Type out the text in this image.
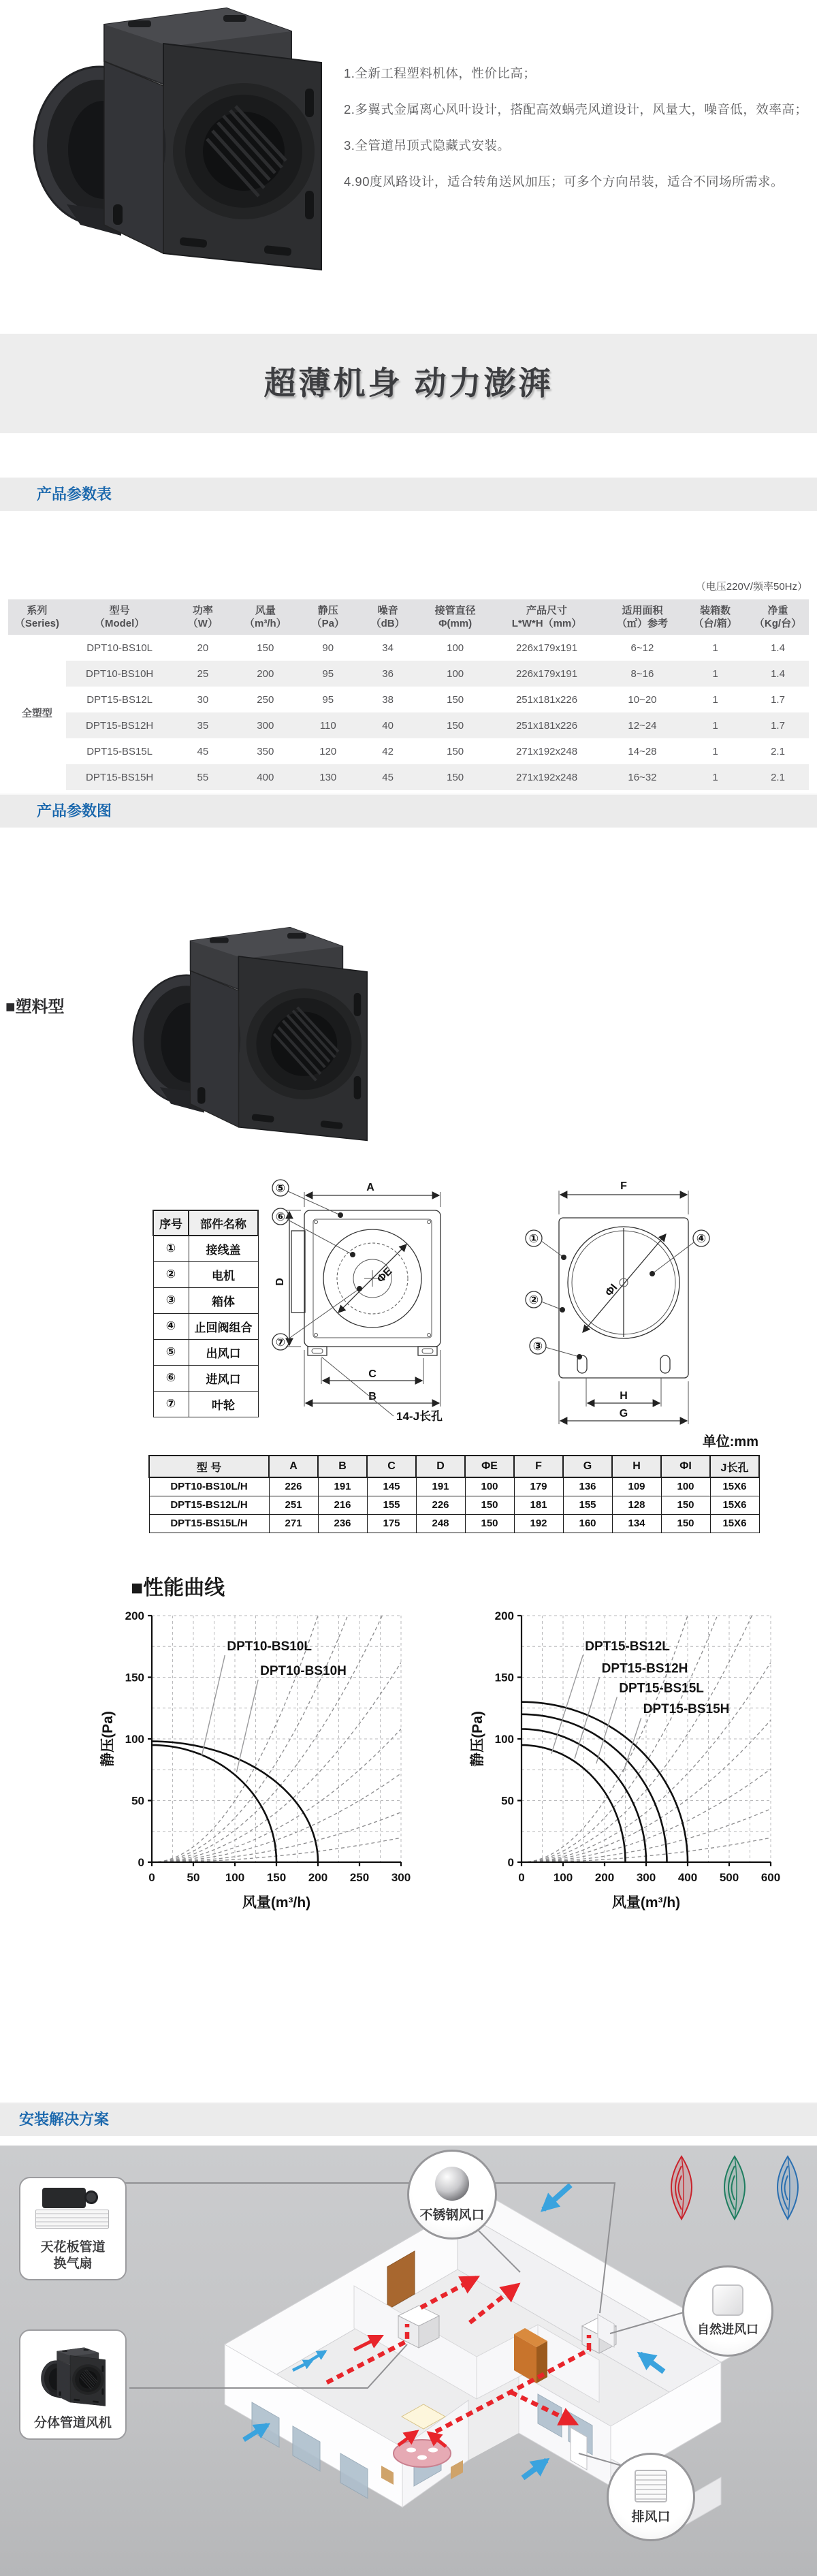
1.全新工程塑料机体，性价比高；
2.多翼式金属离心风叶设计，搭配高效蜗壳风道设计，风量大，噪音低，效率高；
3.全管道吊顶式隐藏式安装。
4.90度风路设计，适合转角送风加压；可多个方向吊装，适合不同场所需求。
超薄机身 动力澎湃
产品参数表
（电压220V/频率50Hz）
系列
（Series)

型号
（Model）

功率
（W）

风量
（m³/h）

静压
（Pa）

噪音
（dB）

接管直径
Φ(mm)

产品尺寸
L*W*H（mm）

适用面积
（㎡）参考

装箱数
（台/箱）

净重
（Kg/台）

全塑型	DPT10-BS10L	20	150	90	34	100	226x179x191	6~12	1	1.4
	DPT10-BS10H	25	200	95	36	100	226x179x191	8~16	1	1.4
	DPT15-BS12L	30	250	95	38	150	251x181x226	10~20	1	1.7
	DPT15-BS12H	35	300	110	40	150	251x181x226	12~24	1	1.7
	DPT15-BS15L	45	350	120	42	150	271x192x248	14~28	1	2.1
	DPT15-BS15H	55	400	130	45	150	271x192x248	16~32	1	2.1
产品参数图
■塑料型
序号	部件名称
①	接线盖
②	电机
③	箱体
④	止回阀组合
⑤	出风口
⑥	进风口
⑦	叶轮
A
D
C
B
ΦE
⑤
⑥
⑦
14-J长孔
F
ΦI
H
G
①
②
③
④
单位:mm
型 号	A	B	C	D	ΦE	F	G	H	ΦI	J长孔
DPT10-BS10L/H	226	191	145	191	100	179	136	109	100	15X6
DPT15-BS12L/H	251	216	155	226	150	181	155	128	150	15X6
DPT15-BS15L/H	271	236	175	248	150	192	160	134	150	15X6
■性能曲线
0	50 100 150 200 250 300
0
50
100
150
200
DPT10-BS10L
DPT10-BS10H
静压(Pa)
风量(m³/h)
0 100 200 300 400 500 600
0
50
100
150
200
DPT15-BS12L
DPT15-BS12H
DPT15-BS15L
DPT15-BS15H
静压(Pa)
风量(m³/h)
安装解决方案
天花板管道
换气扇
分体管道风机
不锈钢风口
自然进风口
排风口
